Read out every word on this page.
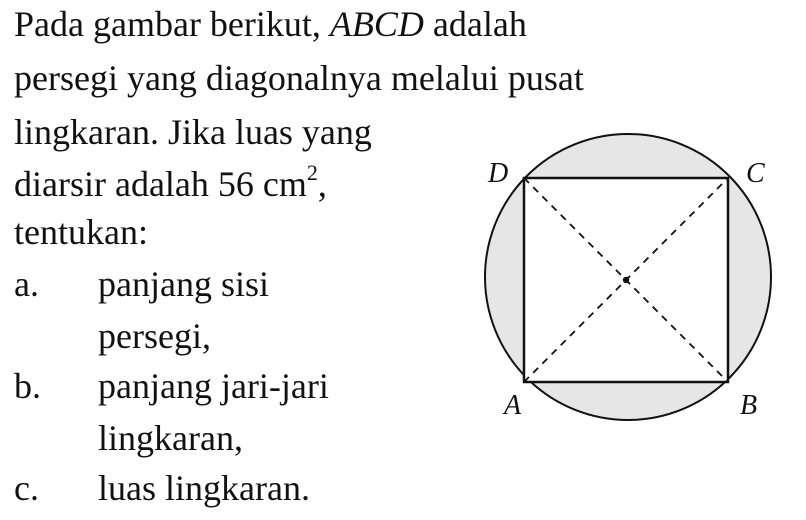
Pada gambar berikut, ABCD adalah
persegi yang diagonalnya melalui pusat
lingkaran. Jika luas yang
diarsir adalah 56 $cm^2$,
tentukan:
a. panjang sisi
persegi,
b. panjang jari-jari
lingkaran,
c. luas lingkaran.
D	C
A	B
